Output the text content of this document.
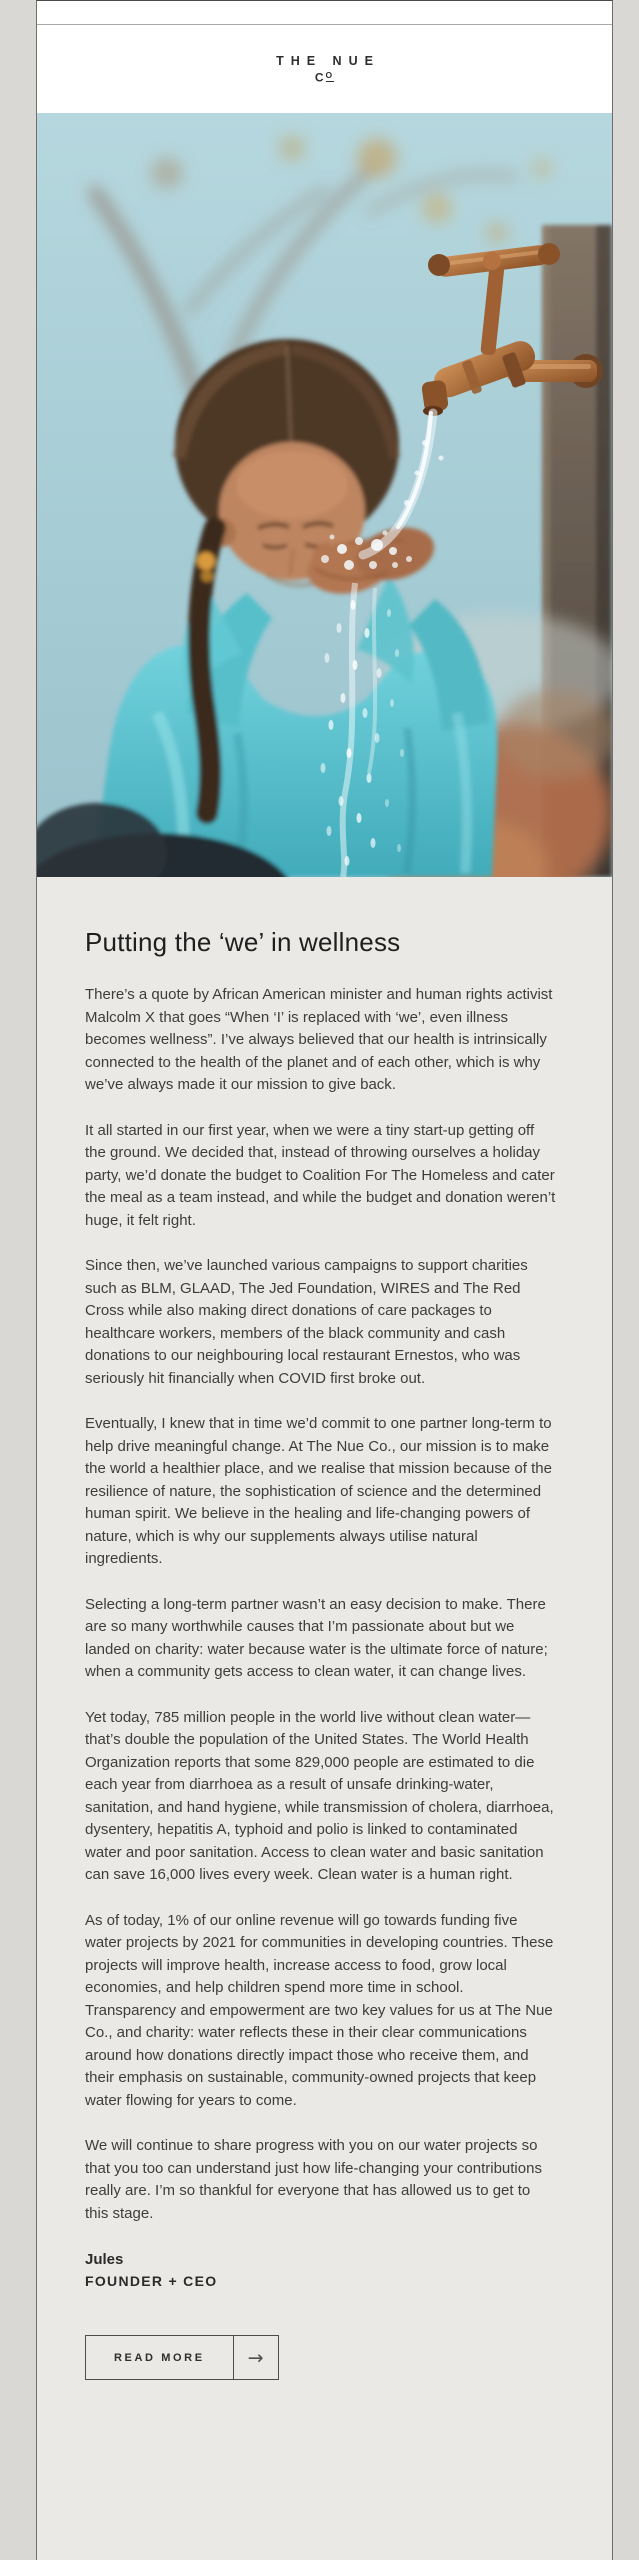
THE NUE
$C^O$
Putting the ‘we’ in wellness

There’s a quote by African American minister and human rights activist Malcolm X that goes “When ‘I’ is replaced with ‘we’, even illness becomes wellness”. I’ve always believed that our health is intrinsically connected to the health of the planet and of each other, which is why we’ve always made it our mission to give back.

It all started in our first year, when we were a tiny start-up getting off the ground. We decided that, instead of throwing ourselves a holiday party, we’d donate the budget to Coalition For The Homeless and cater the meal as a team instead, and while the budget and donation weren’t huge, it felt right.

Since then, we’ve launched various campaigns to support charities such as BLM, GLAAD, The Jed Foundation, WIRES and The Red Cross while also making direct donations of care packages to healthcare workers, members of the black community and cash donations to our neighbouring local restaurant Ernestos, who was seriously hit financially when COVID first broke out.

Eventually, I knew that in time we’d commit to one partner long-term to help drive meaningful change. At The Nue Co., our mission is to make the world a healthier place, and we realise that mission because of the resilience of nature, the sophistication of science and the determined human spirit. We believe in the healing and life-changing powers of nature, which is why our supplements always utilise natural ingredients.

Selecting a long-term partner wasn’t an easy decision to make. There are so many worthwhile causes that I’m passionate about but we landed on charity: water because water is the ultimate force of nature; when a community gets access to clean water, it can change lives.

Yet today, 785 million people in the world live without clean water—that’s double the population of the United States. The World Health Organization reports that some 829,000 people are estimated to die each year from diarrhoea as a result of unsafe drinking-water, sanitation, and hand hygiene, while transmission of cholera, diarrhoea, dysentery, hepatitis A, typhoid and polio is linked to contaminated water and poor sanitation. Access to clean water and basic sanitation can save 16,000 lives every week. Clean water is a human right.

As of today, 1% of our online revenue will go towards funding five water projects by 2021 for communities in developing countries. These projects will improve health, increase access to food, grow local economies, and help children spend more time in school. Transparency and empowerment are two key values for us at The Nue Co., and charity: water reflects these in their clear communications around how donations directly impact those who receive them, and their emphasis on sustainable, community-owned projects that keep water flowing for years to come.

We will continue to share progress with you on our water projects so that you too can understand just how life-changing your contributions really are. I’m so thankful for everyone that has allowed us to get to this stage.

Jules

FOUNDER + CEO

READ MORE	→
